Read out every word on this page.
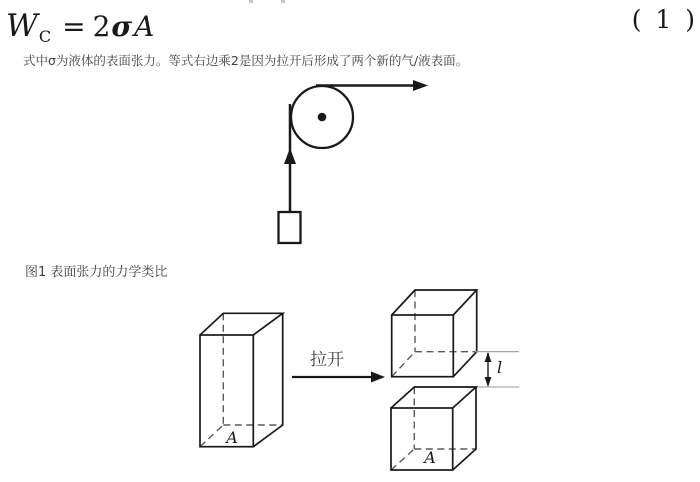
WC = 2σA	( 1 )
式中σ为液体的表面张力。等式右边乘2是因为拉开后形成了两个新的气/液表面。
图1 表面张力的力学类比
A
拉开	l
A
